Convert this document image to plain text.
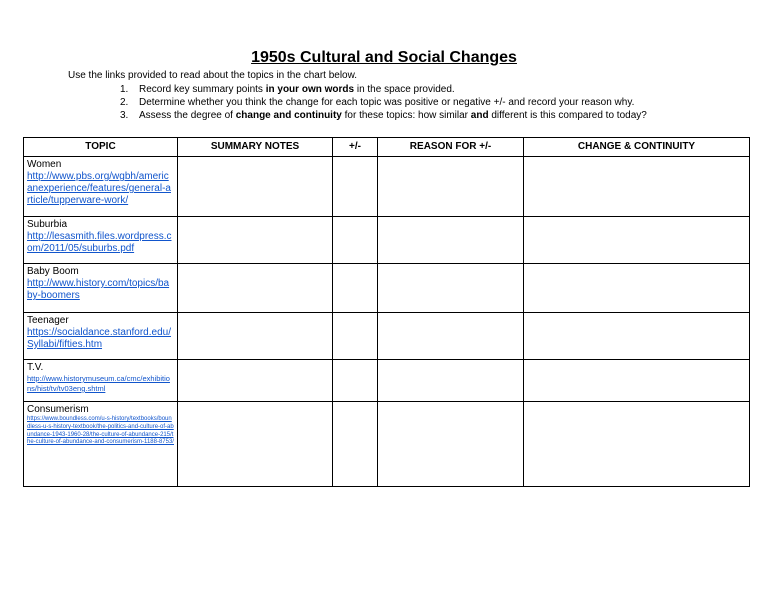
1950s Cultural and Social Changes
Use the links provided to read about the topics in the chart below.
1. Record key summary points in your own words in the space provided.
2. Determine whether you think the change for each topic was positive or negative +/- and record your reason why.
3. Assess the degree of change and continuity for these topics: how similar and different is this compared to today?
TOPIC	SUMMARY NOTES	+/-	REASON FOR +/-	CHANGE & CONTINUITY

Women
http://www.pbs.org/wgbh/americanexperience/features/general-article/tupperware-work/				

Suburbia
http://lesasmith.files.wordpress.com/2011/05/suburbs.pdf				

Baby Boom
http://www.history.com/topics/baby-boomers				

Teenager
https://socialdance.stanford.edu/Syllabi/fifties.htm				

T.V.
http://www.historymuseum.ca/cmc/exhibitions/hist/tv/tv03eng.shtml				

Consumerism
https://www.boundless.com/u-s-history/textbooks/boundless-u-s-history-textbook/the-politics-and-culture-of-abundance-1943-1960-28/the-culture-of-abundance-215/the-culture-of-abundance-and-consumerism-1188-8753/				
